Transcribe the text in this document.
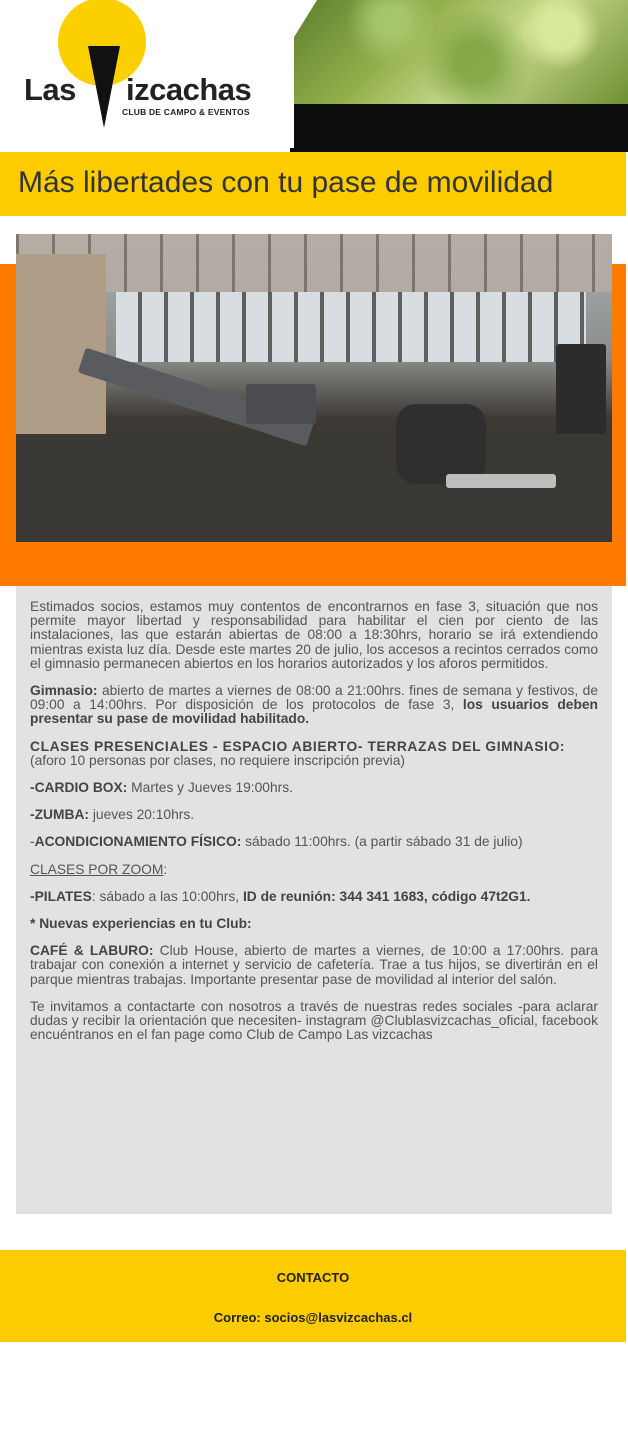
Las izcachas
CLUB DE CAMPO & EVENTOS
Más libertades con tu pase de movilidad

Estimados socios, estamos muy contentos de encontrarnos en fase 3, situación que nos permite mayor libertad y responsabilidad para habilitar el cien por ciento de las instalaciones, las que estarán abiertas de 08:00 a 18:30hrs, horario se irá extendiendo mientras exista luz día. Desde este martes 20 de julio, los accesos a recintos cerrados como el gimnasio permanecen abiertos en los horarios autorizados y los aforos permitidos.

Gimnasio: abierto de martes a viernes de 08:00 a 21:00hrs. fines de semana y festivos, de 09:00 a 14:00hrs. Por disposición de los protocolos de fase 3, los usuarios deben presentar su pase de movilidad habilitado.

CLASES PRESENCIALES - ESPACIO ABIERTO- TERRAZAS DEL GIMNASIO:
(aforo 10 personas por clases, no requiere inscripción previa)

-CARDIO BOX: Martes y Jueves 19:00hrs.

-ZUMBA: jueves 20:10hrs.

-ACONDICIONAMIENTO FÍSICO: sábado 11:00hrs. (a partir sábado 31 de julio)

CLASES POR ZOOM:

-PILATES: sábado a las 10:00hrs, ID de reunión: 344 341 1683, código 47t2G1.

* Nuevas experiencias en tu Club:

CAFÉ & LABURO: Club House, abierto de martes a viernes, de 10:00 a 17:00hrs. para trabajar con conexión a internet y servicio de cafetería. Trae a tus hijos, se divertirán en el parque mientras trabajas. Importante presentar pase de movilidad al interior del salón.

Te invitamos a contactarte con nosotros a través de nuestras redes sociales -para aclarar dudas y recibir la orientación que necesiten- instagram @Clublasvizcachas_oficial, facebook encuéntranos en el fan page como Club de Campo Las vizcachas

CONTACTO
Correo: socios@lasvizcachas.cl
